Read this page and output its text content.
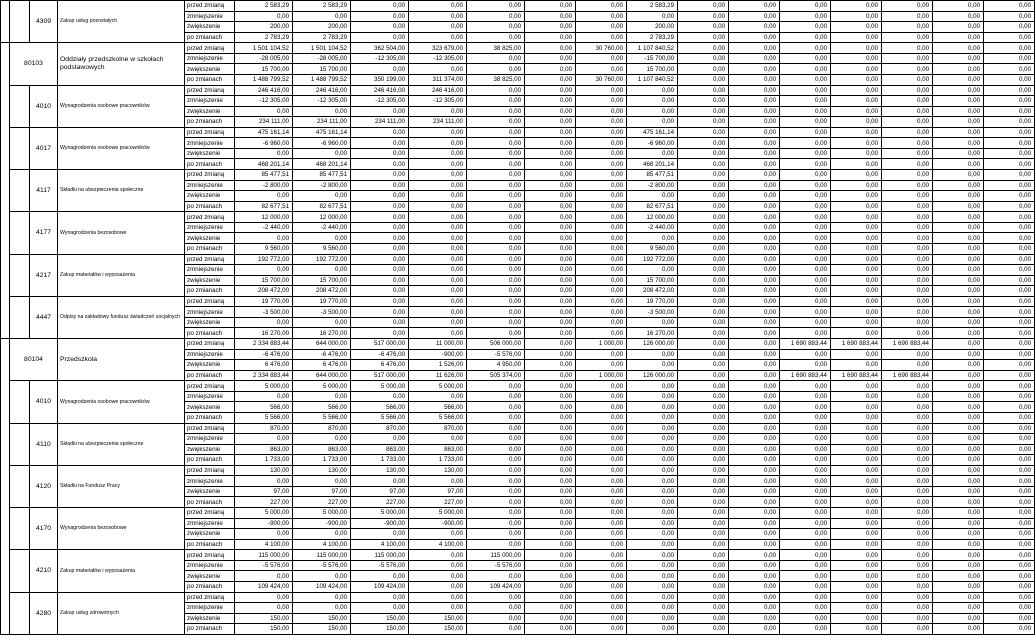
		4309	Zakup usług pozostałych	przed zmianą	2 583,29	2 583,29	0,00	0,00	0,00	0,00	0,00	2 583,29	0,00	0,00	0,00	0,00	0,00	0,00	0,00
				zmniejszenie	0,00	0,00	0,00	0,00	0,00	0,00	0,00	0,00	0,00	0,00	0,00	0,00	0,00	0,00	0,00
				zwiększenie	200,00	200,00	0,00	0,00	0,00	0,00	0,00	200,00	0,00	0,00	0,00	0,00	0,00	0,00	0,00
				po zmianach	2 783,29	2 783,29	0,00	0,00	0,00	0,00	0,00	2 783,29	0,00	0,00	0,00	0,00	0,00	0,00	0,00
	80103		Oddziały przedszkolne w szkołach podstawowych	przed zmianą	1 501 104,52	1 501 104,52	362 504,00	323 679,00	38 825,00	0,00	30 760,00	1 107 840,52	0,00	0,00	0,00	0,00	0,00	0,00	0,00
				zmniejszenie	-28 005,00	-28 005,00	-12 305,00	-12 305,00	0,00	0,00	0,00	-15 700,00	0,00	0,00	0,00	0,00	0,00	0,00	0,00
				zwiększenie	15 700,00	15 700,00	0,00	0,00	0,00	0,00	0,00	15 700,00	0,00	0,00	0,00	0,00	0,00	0,00	0,00
				po zmianach	1 488 799,52	1 488 799,52	350 199,00	311 374,00	38 825,00	0,00	30 760,00	1 107 840,52	0,00	0,00	0,00	0,00	0,00	0,00	0,00
		4010	Wynagrodzenia osobowe pracowników	przed zmianą	246 416,00	246 416,00	246 416,00	246 416,00	0,00	0,00	0,00	0,00	0,00	0,00	0,00	0,00	0,00	0,00	0,00
				zmniejszenie	-12 305,00	-12 305,00	-12 305,00	-12 305,00	0,00	0,00	0,00	0,00	0,00	0,00	0,00	0,00	0,00	0,00	0,00
				zwiększenie	0,00	0,00	0,00	0,00	0,00	0,00	0,00	0,00	0,00	0,00	0,00	0,00	0,00	0,00	0,00
				po zmianach	234 111,00	234 111,00	234 111,00	234 111,00	0,00	0,00	0,00	0,00	0,00	0,00	0,00	0,00	0,00	0,00	0,00
		4017	Wynagrodzenia osobowe pracowników	przed zmianą	475 161,14	475 161,14	0,00	0,00	0,00	0,00	0,00	475 161,14	0,00	0,00	0,00	0,00	0,00	0,00	0,00
				zmniejszenie	-6 960,00	-6 960,00	0,00	0,00	0,00	0,00	0,00	-6 960,00	0,00	0,00	0,00	0,00	0,00	0,00	0,00
				zwiększenie	0,00	0,00	0,00	0,00	0,00	0,00	0,00	0,00	0,00	0,00	0,00	0,00	0,00	0,00	0,00
				po zmianach	468 201,14	468 201,14	0,00	0,00	0,00	0,00	0,00	468 201,14	0,00	0,00	0,00	0,00	0,00	0,00	0,00
		4117	Składki na ubezpieczenia społeczne	przed zmianą	85 477,51	85 477,51	0,00	0,00	0,00	0,00	0,00	85 477,51	0,00	0,00	0,00	0,00	0,00	0,00	0,00
				zmniejszenie	-2 800,00	-2 800,00	0,00	0,00	0,00	0,00	0,00	-2 800,00	0,00	0,00	0,00	0,00	0,00	0,00	0,00
				zwiększenie	0,00	0,00	0,00	0,00	0,00	0,00	0,00	0,00	0,00	0,00	0,00	0,00	0,00	0,00	0,00
				po zmianach	82 677,51	82 677,51	0,00	0,00	0,00	0,00	0,00	82 677,51	0,00	0,00	0,00	0,00	0,00	0,00	0,00
		4177	Wynagrodzenia bezosobowe	przed zmianą	12 000,00	12 000,00	0,00	0,00	0,00	0,00	0,00	12 000,00	0,00	0,00	0,00	0,00	0,00	0,00	0,00
				zmniejszenie	-2 440,00	-2 440,00	0,00	0,00	0,00	0,00	0,00	-2 440,00	0,00	0,00	0,00	0,00	0,00	0,00	0,00
				zwiększenie	0,00	0,00	0,00	0,00	0,00	0,00	0,00	0,00	0,00	0,00	0,00	0,00	0,00	0,00	0,00
				po zmianach	9 560,00	9 560,00	0,00	0,00	0,00	0,00	0,00	9 560,00	0,00	0,00	0,00	0,00	0,00	0,00	0,00
		4217	Zakup materiałów i wyposażenia	przed zmianą	192 772,00	192 772,00	0,00	0,00	0,00	0,00	0,00	192 772,00	0,00	0,00	0,00	0,00	0,00	0,00	0,00
				zmniejszenie	0,00	0,00	0,00	0,00	0,00	0,00	0,00	0,00	0,00	0,00	0,00	0,00	0,00	0,00	0,00
				zwiększenie	15 700,00	15 700,00	0,00	0,00	0,00	0,00	0,00	15 700,00	0,00	0,00	0,00	0,00	0,00	0,00	0,00
				po zmianach	208 472,00	208 472,00	0,00	0,00	0,00	0,00	0,00	208 472,00	0,00	0,00	0,00	0,00	0,00	0,00	0,00
		4447	Odpisy na zakładowy fundusz świadczeń socjalnych	przed zmianą	19 770,00	19 770,00	0,00	0,00	0,00	0,00	0,00	19 770,00	0,00	0,00	0,00	0,00	0,00	0,00	0,00
				zmniejszenie	-3 500,00	-3 500,00	0,00	0,00	0,00	0,00	0,00	-3 500,00	0,00	0,00	0,00	0,00	0,00	0,00	0,00
				zwiększenie	0,00	0,00	0,00	0,00	0,00	0,00	0,00	0,00	0,00	0,00	0,00	0,00	0,00	0,00	0,00
				po zmianach	16 270,00	16 270,00	0,00	0,00	0,00	0,00	0,00	16 270,00	0,00	0,00	0,00	0,00	0,00	0,00	0,00
	80104		Przedszkola	przed zmianą	2 334 883,44	644 000,00	517 000,00	11 000,00	506 000,00	0,00	1 000,00	126 000,00	0,00	0,00	1 690 883,44	1 690 883,44	1 690 883,44	0,00	0,00
				zmniejszenie	-6 476,00	-6 476,00	-6 476,00	-900,00	-5 576,00	0,00	0,00	0,00	0,00	0,00	0,00	0,00	0,00	0,00	0,00
				zwiększenie	6 476,00	6 476,00	6 476,00	1 526,00	4 950,00	0,00	0,00	0,00	0,00	0,00	0,00	0,00	0,00	0,00	0,00
				po zmianach	2 334 883,44	644 000,00	517 000,00	11 626,00	505 374,00	0,00	1 000,00	126 000,00	0,00	0,00	1 690 883,44	1 690 883,44	1 690 883,44	0,00	0,00
		4010	Wynagrodzenia osobowe pracowników	przed zmianą	5 000,00	5 000,00	5 000,00	5 000,00	0,00	0,00	0,00	0,00	0,00	0,00	0,00	0,00	0,00	0,00	0,00
				zmniejszenie	0,00	0,00	0,00	0,00	0,00	0,00	0,00	0,00	0,00	0,00	0,00	0,00	0,00	0,00	0,00
				zwiększenie	566,00	566,00	566,00	566,00	0,00	0,00	0,00	0,00	0,00	0,00	0,00	0,00	0,00	0,00	0,00
				po zmianach	5 566,00	5 566,00	5 566,00	5 566,00	0,00	0,00	0,00	0,00	0,00	0,00	0,00	0,00	0,00	0,00	0,00
		4110	Składki na ubezpieczenia społeczne	przed zmianą	870,00	870,00	870,00	870,00	0,00	0,00	0,00	0,00	0,00	0,00	0,00	0,00	0,00	0,00	0,00
				zmniejszenie	0,00	0,00	0,00	0,00	0,00	0,00	0,00	0,00	0,00	0,00	0,00	0,00	0,00	0,00	0,00
				zwiększenie	863,00	863,00	863,00	863,00	0,00	0,00	0,00	0,00	0,00	0,00	0,00	0,00	0,00	0,00	0,00
				po zmianach	1 733,00	1 733,00	1 733,00	1 733,00	0,00	0,00	0,00	0,00	0,00	0,00	0,00	0,00	0,00	0,00	0,00
		4120	Składki na Fundusz Pracy	przed zmianą	130,00	130,00	130,00	130,00	0,00	0,00	0,00	0,00	0,00	0,00	0,00	0,00	0,00	0,00	0,00
				zmniejszenie	0,00	0,00	0,00	0,00	0,00	0,00	0,00	0,00	0,00	0,00	0,00	0,00	0,00	0,00	0,00
				zwiększenie	97,00	97,00	97,00	97,00	0,00	0,00	0,00	0,00	0,00	0,00	0,00	0,00	0,00	0,00	0,00
				po zmianach	227,00	227,00	227,00	227,00	0,00	0,00	0,00	0,00	0,00	0,00	0,00	0,00	0,00	0,00	0,00
		4170	Wynagrodzenia bezosobowe	przed zmianą	5 000,00	5 000,00	5 000,00	5 000,00	0,00	0,00	0,00	0,00	0,00	0,00	0,00	0,00	0,00	0,00	0,00
				zmniejszenie	-900,00	-900,00	-900,00	-900,00	0,00	0,00	0,00	0,00	0,00	0,00	0,00	0,00	0,00	0,00	0,00
				zwiększenie	0,00	0,00	0,00	0,00	0,00	0,00	0,00	0,00	0,00	0,00	0,00	0,00	0,00	0,00	0,00
				po zmianach	4 100,00	4 100,00	4 100,00	4 100,00	0,00	0,00	0,00	0,00	0,00	0,00	0,00	0,00	0,00	0,00	0,00
		4210	Zakup materiałów i wyposażenia	przed zmianą	115 000,00	115 000,00	115 000,00	0,00	115 000,00	0,00	0,00	0,00	0,00	0,00	0,00	0,00	0,00	0,00	0,00
				zmniejszenie	-5 576,00	-5 576,00	-5 576,00	0,00	-5 576,00	0,00	0,00	0,00	0,00	0,00	0,00	0,00	0,00	0,00	0,00
				zwiększenie	0,00	0,00	0,00	0,00	0,00	0,00	0,00	0,00	0,00	0,00	0,00	0,00	0,00	0,00	0,00
				po zmianach	109 424,00	109 424,00	109 424,00	0,00	109 424,00	0,00	0,00	0,00	0,00	0,00	0,00	0,00	0,00	0,00	0,00
		4280	Zakup usług zdrowotnych	przed zmianą	0,00	0,00	0,00	0,00	0,00	0,00	0,00	0,00	0,00	0,00	0,00	0,00	0,00	0,00	0,00
				zmniejszenie	0,00	0,00	0,00	0,00	0,00	0,00	0,00	0,00	0,00	0,00	0,00	0,00	0,00	0,00	0,00
				zwiększenie	150,00	150,00	150,00	150,00	0,00	0,00	0,00	0,00	0,00	0,00	0,00	0,00	0,00	0,00	0,00
				po zmianach	150,00	150,00	150,00	150,00	0,00	0,00	0,00	0,00	0,00	0,00	0,00	0,00	0,00	0,00	0,00
